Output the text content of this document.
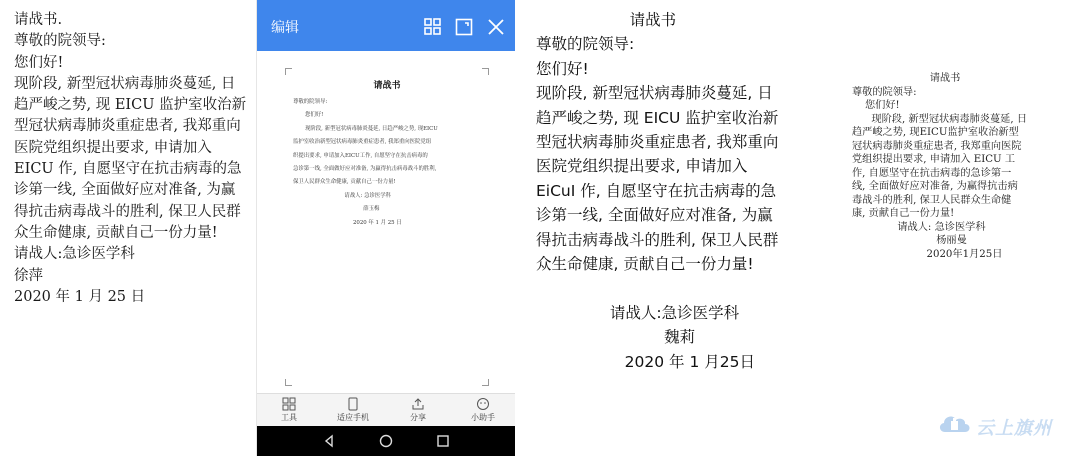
请战书.
尊敬的院领导:
您们好!
现阶段, 新型冠状病毒肺炎蔓延, 日
趋严峻之势, 现 EICU 监护室收治新
型冠状病毒肺炎重症患者, 我郑重向
医院党组织提出要求, 申请加入
EICU 作, 自愿坚守在抗击病毒的急
诊第一线, 全面做好应对准备, 为赢
得抗击病毒战斗的胜利, 保卫人民群
众生命健康, 贡献自己一份力量!
请战人:急诊医学科
徐萍
2020 年 1 月 25 日

编辑
请战书

尊敬的院领导:
您们好!
现阶段, 新型冠状病毒肺炎蔓延, 日趋严峻之势, 现EICU
监护室收治新型冠状病毒肺炎重症患者, 我郑重向医院党组
织提出要求, 申请加入EICU工作, 自愿坚守在抗击病毒的
急诊第一线, 全面做好应对准备, 为赢得抗击病毒战斗的胜利,
保卫人民群众生命健康, 贡献自己一份力量!
请战人: 急诊医学科
薛玉梅
2020 年 1 月 25 日

工具	适应手机	分享	小助手

请战书
尊敬的院领导:
您们好!
现阶段, 新型冠状病毒肺炎蔓延, 日
趋严峻之势, 现 EICU 监护室收治新
型冠状病毒肺炎重症患者, 我郑重向
医院党组织提出要求, 申请加入
EiCuI 作, 自愿坚守在抗击病毒的急
诊第一线, 全面做好应对准备, 为赢
得抗击病毒战斗的胜利, 保卫人民群
众生命健康, 贡献自己一份力量!

请战人:急诊医学科
魏莉
2020 年 1 月25日

请战书
尊敬的院领导:
您们好!
现阶段, 新型冠状病毒肺炎蔓延, 日
趋严峻之势, 现EICU监护室收治新型
冠状病毒肺炎重症患者, 我郑重向医院
党组织提出要求, 申请加入 EICU 工
作, 自愿坚守在抗击病毒的急诊第一
线, 全面做好应对准备, 为赢得抗击病
毒战斗的胜利, 保卫人民群众生命健
康, 贡献自己一份力量!
请战人: 急诊医学科
杨丽曼
2020年1月25日

云上旗州
